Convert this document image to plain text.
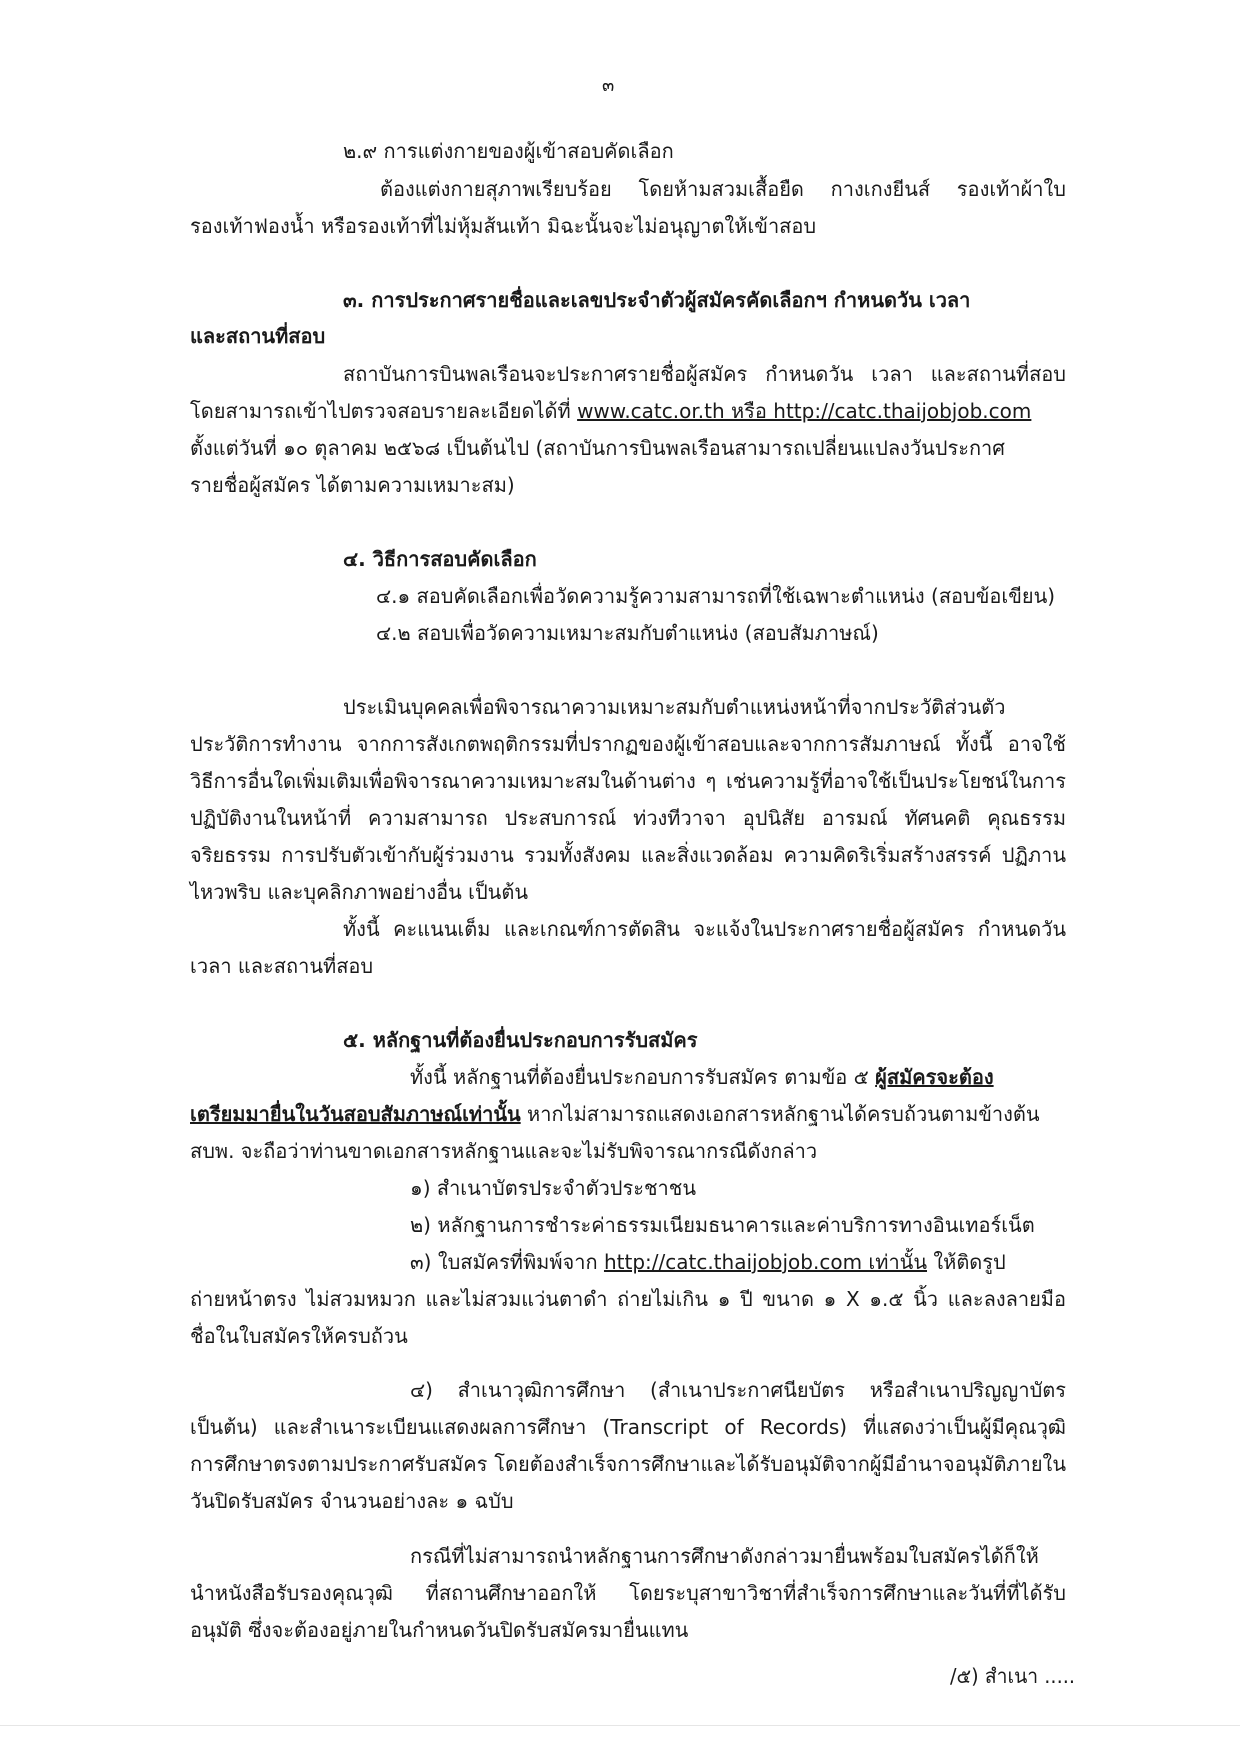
๓
๒.๙ การแต่งกายของผู้เข้าสอบคัดเลือก
ต้องแต่งกายสุภาพเรียบร้อย โดยห้ามสวมเสื้อยืด กางเกงยีนส์ รองเท้าผ้าใบ
รองเท้าฟองน้ำ หรือรองเท้าที่ไม่หุ้มส้นเท้า มิฉะนั้นจะไม่อนุญาตให้เข้าสอบ
๓. การประกาศรายชื่อและเลขประจำตัวผู้สมัครคัดเลือกฯ กำหนดวัน เวลา
และสถานที่สอบ
สถาบันการบินพลเรือนจะประกาศรายชื่อผู้สมัคร กำหนดวัน เวลา และสถานที่สอบ
โดยสามารถเข้าไปตรวจสอบรายละเอียดได้ที่ www.catc.or.th หรือ http://catc.thaijobjob.com
ตั้งแต่วันที่ ๑๐ ตุลาคม ๒๕๖๘ เป็นต้นไป (สถาบันการบินพลเรือนสามารถเปลี่ยนแปลงวันประกาศ
รายชื่อผู้สมัคร ได้ตามความเหมาะสม)
๔. วิธีการสอบคัดเลือก
๔.๑ สอบคัดเลือกเพื่อวัดความรู้ความสามารถที่ใช้เฉพาะตำแหน่ง (สอบข้อเขียน)
๔.๒ สอบเพื่อวัดความเหมาะสมกับตำแหน่ง (สอบสัมภาษณ์)
ประเมินบุคคลเพื่อพิจารณาความเหมาะสมกับตำแหน่งหน้าที่จากประวัติส่วนตัว
ประวัติการทำงาน จากการสังเกตพฤติกรรมที่ปรากฏของผู้เข้าสอบและจากการสัมภาษณ์ ทั้งนี้ อาจใช้
วิธีการอื่นใดเพิ่มเติมเพื่อพิจารณาความเหมาะสมในด้านต่าง ๆ เช่นความรู้ที่อาจใช้เป็นประโยชน์ในการ
ปฏิบัติงานในหน้าที่ ความสามารถ ประสบการณ์ ท่วงทีวาจา อุปนิสัย อารมณ์ ทัศนคติ คุณธรรม
จริยธรรม การปรับตัวเข้ากับผู้ร่วมงาน รวมทั้งสังคม และสิ่งแวดล้อม ความคิดริเริ่มสร้างสรรค์ ปฏิภาน
ไหวพริบ และบุคลิกภาพอย่างอื่น เป็นต้น
ทั้งนี้ คะแนนเต็ม และเกณฑ์การตัดสิน จะแจ้งในประกาศรายชื่อผู้สมัคร กำหนดวัน
เวลา และสถานที่สอบ
๕. หลักฐานที่ต้องยื่นประกอบการรับสมัคร
ทั้งนี้ หลักฐานที่ต้องยื่นประกอบการรับสมัคร ตามข้อ ๕ ผู้สมัครจะต้อง
เตรียมมายื่นในวันสอบสัมภาษณ์เท่านั้น หากไม่สามารถแสดงเอกสารหลักฐานได้ครบถ้วนตามข้างต้น
สบพ. จะถือว่าท่านขาดเอกสารหลักฐานและจะไม่รับพิจารณากรณีดังกล่าว
๑) สำเนาบัตรประจำตัวประชาชน
๒) หลักฐานการชำระค่าธรรมเนียมธนาคารและค่าบริการทางอินเทอร์เน็ต
๓) ใบสมัครที่พิมพ์จาก http://catc.thaijobjob.com เท่านั้น ให้ติดรูป
ถ่ายหน้าตรง ไม่สวมหมวก และไม่สวมแว่นตาดำ ถ่ายไม่เกิน ๑ ปี ขนาด ๑ X ๑.๕ นิ้ว และลงลายมือ
ชื่อในใบสมัครให้ครบถ้วน
๔) สำเนาวุฒิการศึกษา (สำเนาประกาศนียบัตร หรือสำเนาปริญญาบัตร
เป็นต้น) และสำเนาระเบียนแสดงผลการศึกษา (Transcript of Records) ที่แสดงว่าเป็นผู้มีคุณวุฒิ
การศึกษาตรงตามประกาศรับสมัคร โดยต้องสำเร็จการศึกษาและได้รับอนุมัติจากผู้มีอำนาจอนุมัติภายใน
วันปิดรับสมัคร จำนวนอย่างละ ๑ ฉบับ
กรณีที่ไม่สามารถนำหลักฐานการศึกษาดังกล่าวมายื่นพร้อมใบสมัครได้ก็ให้
นำหนังสือรับรองคุณวุฒิ ที่สถานศึกษาออกให้ โดยระบุสาขาวิชาที่สำเร็จการศึกษาและวันที่ที่ได้รับ
อนุมัติ ซึ่งจะต้องอยู่ภายในกำหนดวันปิดรับสมัครมายื่นแทน
/๕) สำเนา .....
